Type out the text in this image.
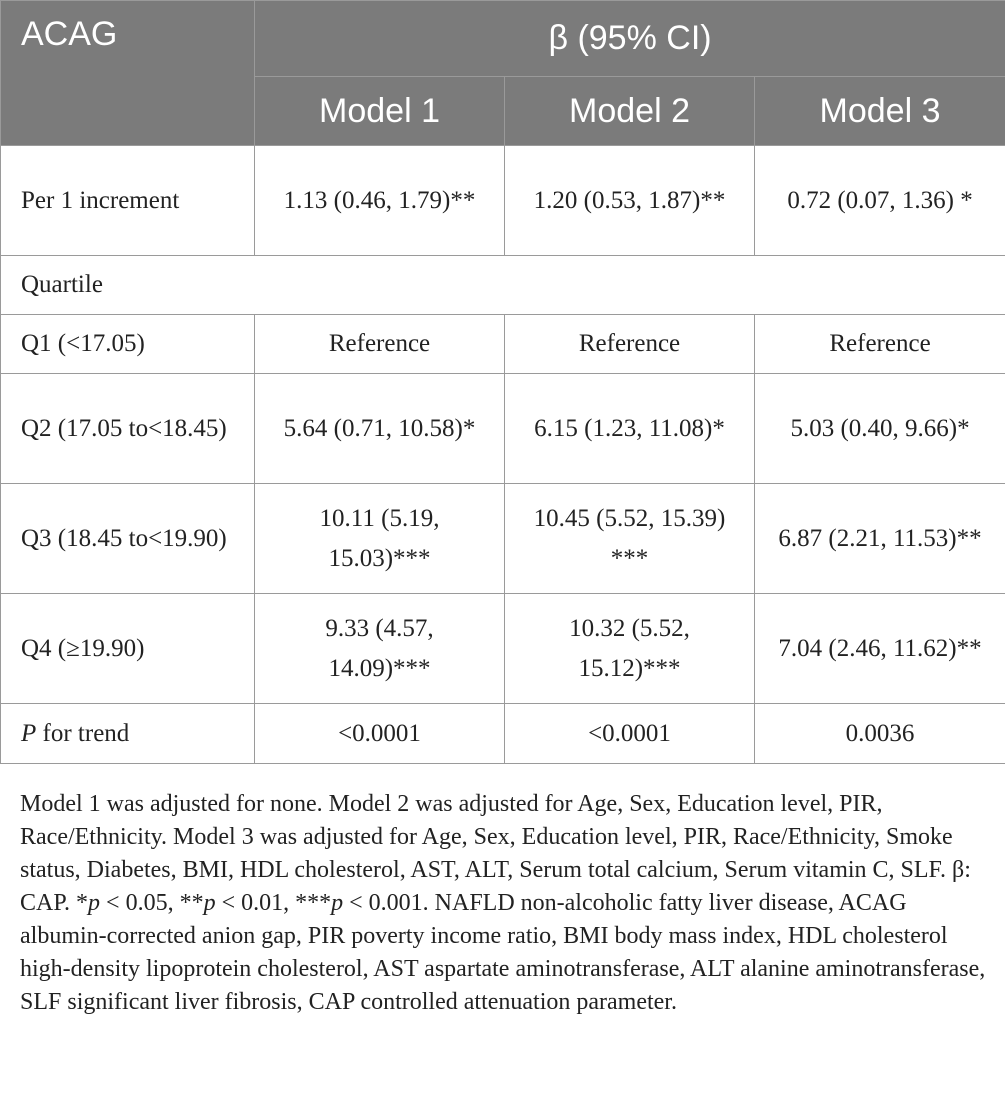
ACAG	β (95% CI)		
	Model 1	Model 2	Model 3
Per 1 increment	1.13 (0.46, 1.79)**	1.20 (0.53, 1.87)**	0.72 (0.07, 1.36) *
Quartile			
Q1 (<17.05)	Reference	Reference	Reference
Q2 (17.05 to<18.45)	5.64 (0.71, 10.58)*	6.15 (1.23, 11.08)*	5.03 (0.40, 9.66)*
Q3 (18.45 to<19.90)	10.11 (5.19, 15.03)***	10.45 (5.52, 15.39) ***	6.87 (2.21, 11.53)**
Q4 (≥19.90)	9.33 (4.57, 14.09)***	10.32 (5.52, 15.12)***	7.04 (2.46, 11.62)**
P for trend	<0.0001	<0.0001	0.0036

Model 1 was adjusted for none. Model 2 was adjusted for Age, Sex, Education level, PIR, Race/Ethnicity. Model 3 was adjusted for Age, Sex, Education level, PIR, Race/Ethnicity, Smoke status, Diabetes, BMI, HDL cholesterol, AST, ALT, Serum total calcium, Serum vitamin C, SLF. β: CAP. *p < 0.05, **p < 0.01, ***p < 0.001. NAFLD non-alcoholic fatty liver disease, ACAG albumin-corrected anion gap, PIR poverty income ratio, BMI body mass index, HDL cholesterol high-density lipoprotein cholesterol, AST aspartate aminotransferase, ALT alanine aminotransferase, SLF significant liver fibrosis, CAP controlled attenuation parameter.
